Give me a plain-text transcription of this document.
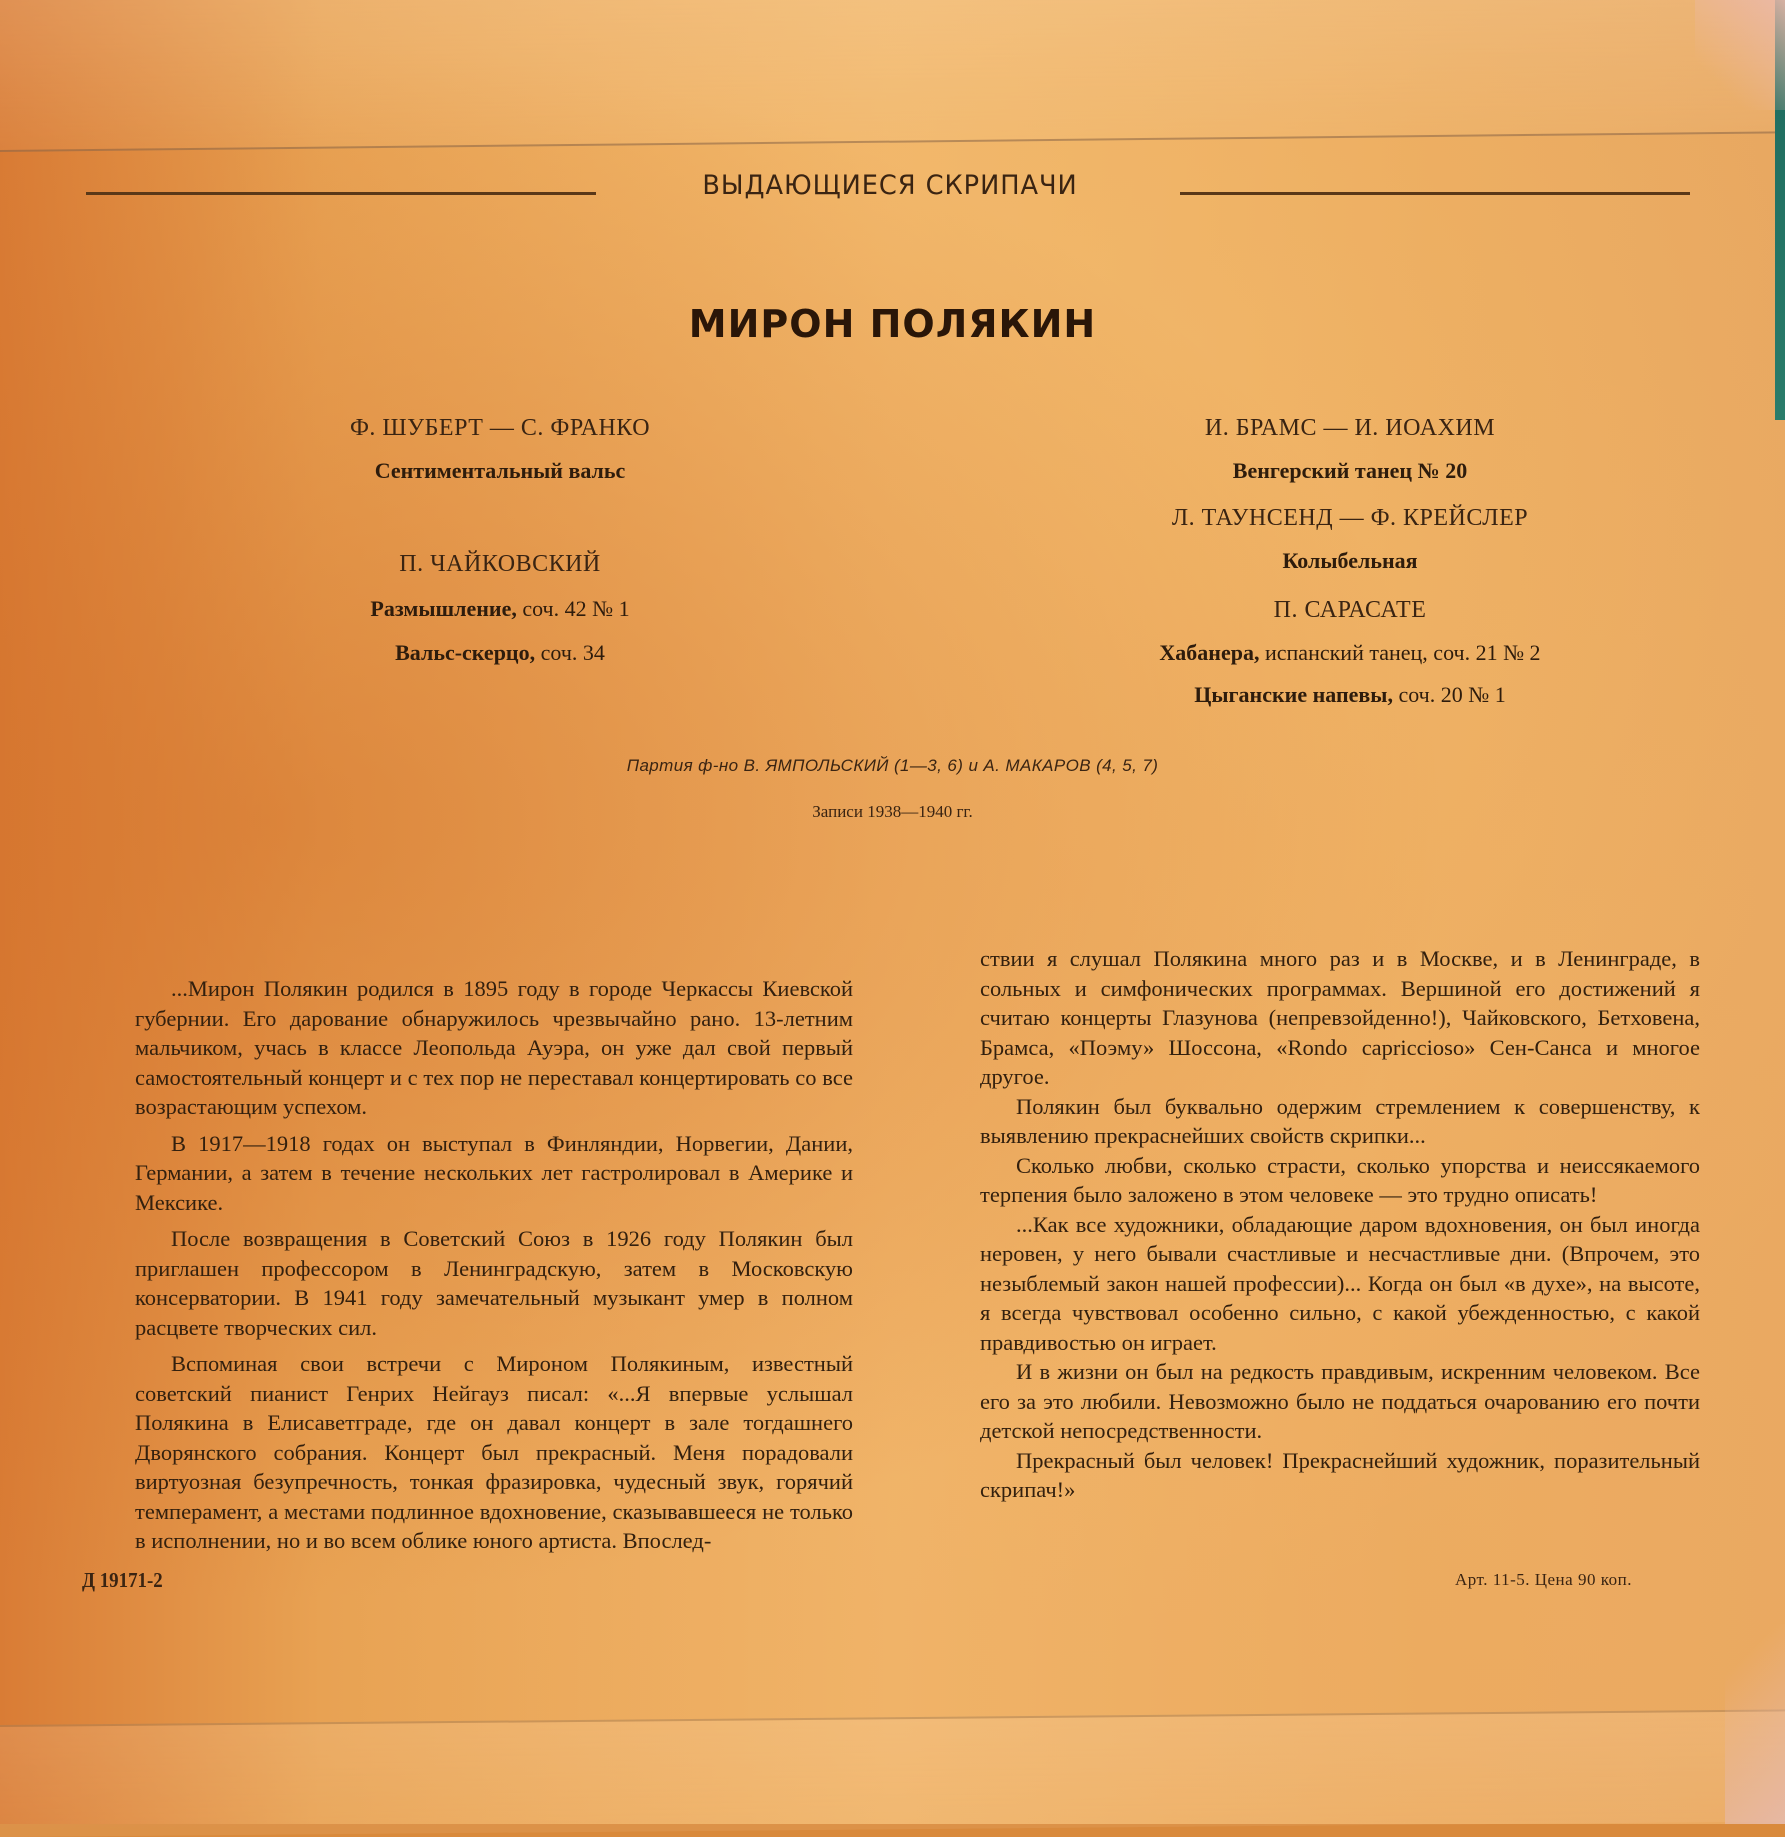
ВЫДАЮЩИЕСЯ СКРИПАЧИ
МИРОН ПОЛЯКИН
Ф. ШУБЕРТ — С. ФРАНКО
Сентиментальный вальс
П. ЧАЙКОВСКИЙ
Размышление, соч. 42 № 1
Вальс-скерцо, соч. 34
И. БРАМС — И. ИОАХИМ
Венгерский танец № 20
Л. ТАУНСЕНД — Ф. КРЕЙСЛЕР
Колыбельная
П. САРАСАТЕ
Хабанера, испанский танец, соч. 21 № 2
Цыганские напевы, соч. 20 № 1
Партия ф-но В. ЯМПОЛЬСКИЙ (1—3, 6) и А. МАКАРОВ (4, 5, 7)
Записи 1938—1940 гг.

...Мирон Полякин родился в 1895 году в городе Черкассы Киевской губернии. Его дарование обнаружилось чрезвычайно рано. 13-летним мальчиком, учась в классе Леопольда Ауэра, он уже дал свой первый самостоятельный концерт и с тех пор не переставал концертировать со все возрастающим успехом.

В 1917—1918 годах он выступал в Финляндии, Норвегии, Дании, Германии, а затем в течение нескольких лет гастролировал в Америке и Мексике.

После возвращения в Советский Союз в 1926 году Полякин был приглашен профессором в Ленинградскую, затем в Московскую консерватории. В 1941 году замечательный музыкант умер в полном расцвете творческих сил.

Вспоминая свои встречи с Мироном Полякиным, известный советский пианист Генрих Нейгауз писал: «...Я впервые услышал Полякина в Елисаветграде, где он давал концерт в зале тогдашнего Дворянского собрания. Концерт был прекрасный. Меня порадовали виртуозная безупречность, тонкая фразировка, чудесный звук, горячий темперамент, а местами подлинное вдохновение, сказывавшееся не только в исполнении, но и во всем облике юного артиста. Впослед-

ствии я слушал Полякина много раз и в Москве, и в Ленинграде, в сольных и симфонических программах. Вершиной его достижений я считаю концерты Глазунова (непревзойденно!), Чайковского, Бетховена, Брамса, «Поэму» Шоссона, «Rondo capriccioso» Сен-Санса и многое другое.

Полякин был буквально одержим стремлением к совершенству, к выявлению прекраснейших свойств скрипки...

Сколько любви, сколько страсти, сколько упорства и неиссякаемого терпения было заложено в этом человеке — это трудно описать!

...Как все художники, обладающие даром вдохновения, он был иногда неровен, у него бывали счастливые и несчастливые дни. (Впрочем, это незыблемый закон нашей профессии)... Когда он был «в духе», на высоте, я всегда чувствовал особенно сильно, с какой убежденностью, с какой правдивостью он играет.

И в жизни он был на редкость правдивым, искренним человеком. Все его за это любили. Невозможно было не поддаться очарованию его почти детской непосредственности.

Прекрасный был человек! Прекраснейший художник, поразительный скрипач!»

Д 19171-2	Арт. 11-5. Цена 90 коп.
